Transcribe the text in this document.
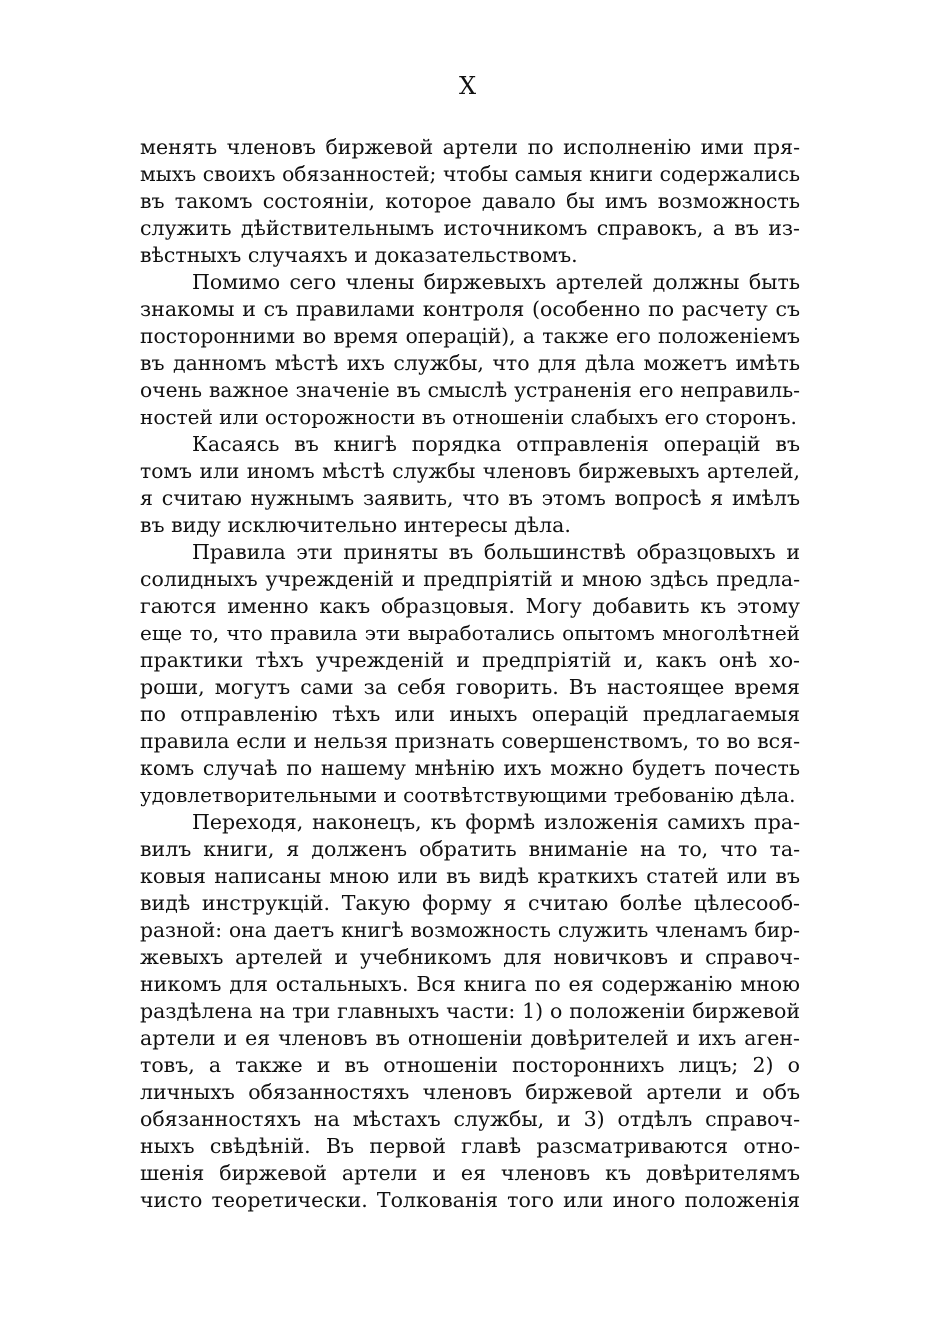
X
менять членовъ биржевой артели по исполненію ими пря-
мыхъ своихъ обязанностей; чтобы самыя книги содержались
въ такомъ состояніи, которое давало бы имъ возможность
служить дѣйствительнымъ источникомъ справокъ, а въ из-
вѣстныхъ случаяхъ и доказательствомъ.
Помимо сего члены биржевыхъ артелей должны быть
знакомы и съ правилами контроля (особенно по расчету съ
посторонними во время операцій), а также его положеніемъ
въ данномъ мѣстѣ ихъ службы, что для дѣла можетъ имѣть
очень важное значеніе въ смыслѣ устраненія его неправиль-
ностей или осторожности въ отношеніи слабыхъ его сторонъ.
Касаясь въ книгѣ порядка отправленія операцій въ
томъ или иномъ мѣстѣ службы членовъ биржевыхъ артелей,
я считаю нужнымъ заявить, что въ этомъ вопросѣ я имѣлъ
въ виду исключительно интересы дѣла.
Правила эти приняты въ большинствѣ образцовыхъ и
солидныхъ учрежденій и предпріятій и мною здѣсь предла-
гаются именно какъ образцовыя. Могу добавить къ этому
еще то, что правила эти выработались опытомъ многолѣтней
практики тѣхъ учрежденій и предпріятій и, какъ онѣ хо-
роши, могутъ сами за себя говорить. Въ настоящее время
по отправленію тѣхъ или иныхъ операцій предлагаемыя
правила если и нельзя признать совершенствомъ, то во вся-
комъ случаѣ по нашему мнѣнію ихъ можно будетъ почесть
удовлетворительными и соотвѣтствующими требованію дѣла.
Переходя, наконецъ, къ формѣ изложенія самихъ пра-
вилъ книги, я долженъ обратить вниманіе на то, что та-
ковыя написаны мною или въ видѣ краткихъ статей или въ
видѣ инструкцій. Такую форму я считаю болѣе цѣлесооб-
разной: она даетъ книгѣ возможность служить членамъ бир-
жевыхъ артелей и учебникомъ для новичковъ и справоч-
никомъ для остальныхъ. Вся книга по ея содержанію мною
раздѣлена на три главныхъ части: 1) о положеніи биржевой
артели и ея членовъ въ отношеніи довѣрителей и ихъ аген-
товъ, а также и въ отношеніи постороннихъ лицъ; 2) о
личныхъ обязанностяхъ членовъ биржевой артели и объ
обязанностяхъ на мѣстахъ службы, и 3) отдѣлъ справоч-
ныхъ свѣдѣній. Въ первой главѣ разсматриваются отно-
шенія биржевой артели и ея членовъ къ довѣрителямъ
чисто теоретически. Толкованія того или иного положенія
